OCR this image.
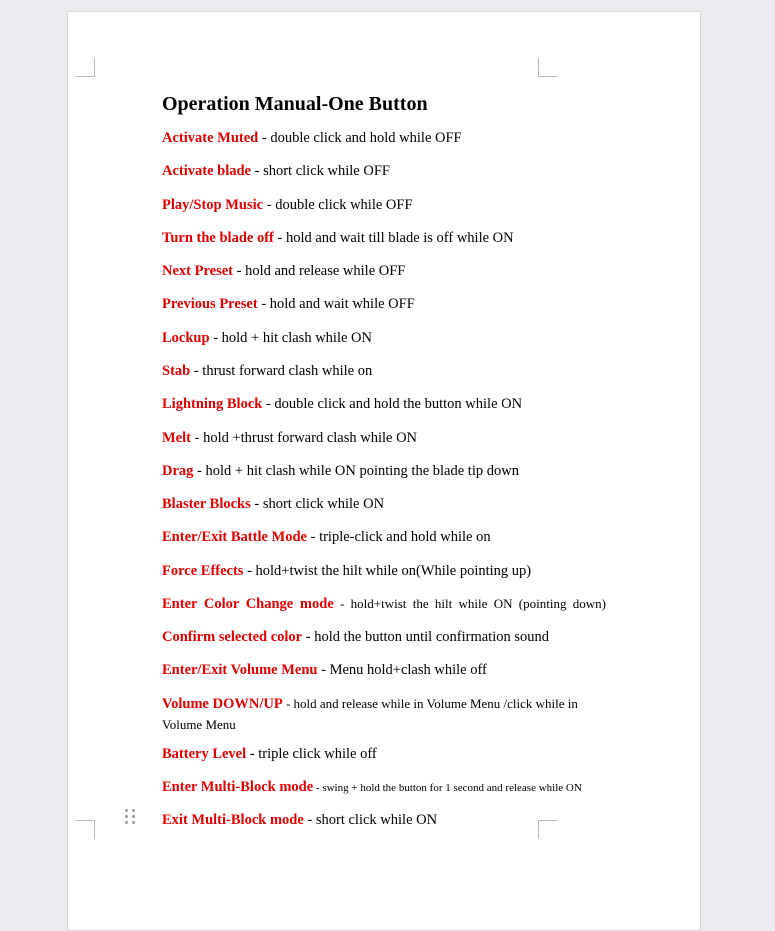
Operation Manual-One Button
Activate Muted - double click and hold while OFF
Activate blade - short click while OFF
Play/Stop Music - double click while OFF
Turn the blade off - hold and wait till blade is off while ON
Next Preset - hold and release while OFF
Previous Preset - hold and wait while OFF
Lockup - hold + hit clash while ON
Stab - thrust forward clash while on
Lightning Block - double click and hold the button while ON
Melt - hold +thrust forward clash while ON
Drag - hold + hit clash while ON pointing the blade tip down
Blaster Blocks - short click while ON
Enter/Exit Battle Mode - triple-click and hold while on
Force Effects - hold+twist the hilt while on(While pointing up)
Enter Color Change mode - hold+twist the hilt while ON (pointing down)
Confirm selected color - hold the button until confirmation sound
Enter/Exit Volume Menu - Menu hold+clash while off
Volume DOWN/UP - hold and release while in Volume Menu /click while in
Volume Menu
Battery Level - triple click while off
Enter Multi-Block mode - swing + hold the button for 1 second and release while ON
Exit Multi-Block mode - short click while ON
